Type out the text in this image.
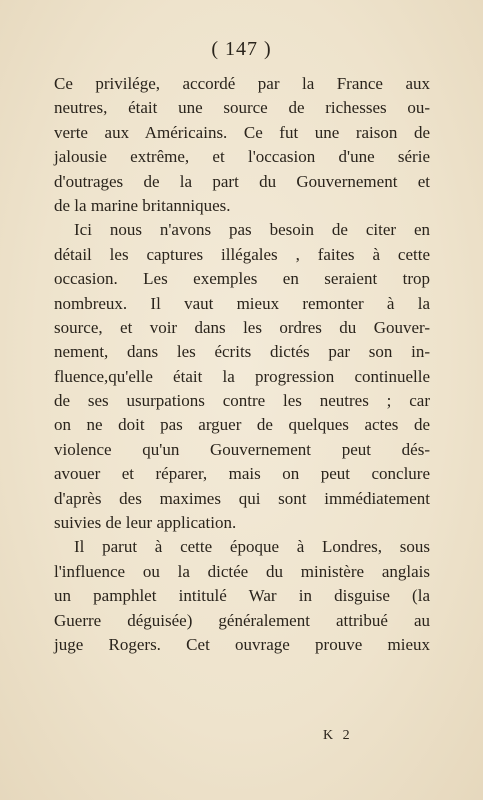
( 147 )
Ce privilége, accordé par la France aux
neutres, était une source de richesses ou-
verte aux Américains. Ce fut une raison de
jalousie extrême, et l'occasion d'une série
d'outrages de la part du Gouvernement et
de la marine britanniques.
Ici nous n'avons pas besoin de citer en
détail les captures illégales , faites à cette
occasion. Les exemples en seraient trop
nombreux. Il vaut mieux remonter à la
source, et voir dans les ordres du Gouver-
nement, dans les écrits dictés par son in-
fluence,qu'elle était la progression continuelle
de ses usurpations contre les neutres ; car
on ne doit pas arguer de quelques actes de
violence qu'un Gouvernement peut dés-
avouer et réparer, mais on peut conclure
d'après des maximes qui sont immédiatement
suivies de leur application.
Il parut à cette époque à Londres, sous
l'influence ou la dictée du ministère anglais
un pamphlet intitulé War in disguise (la
Guerre déguisée) généralement attribué au
juge Rogers. Cet ouvrage prouve mieux
K 2
